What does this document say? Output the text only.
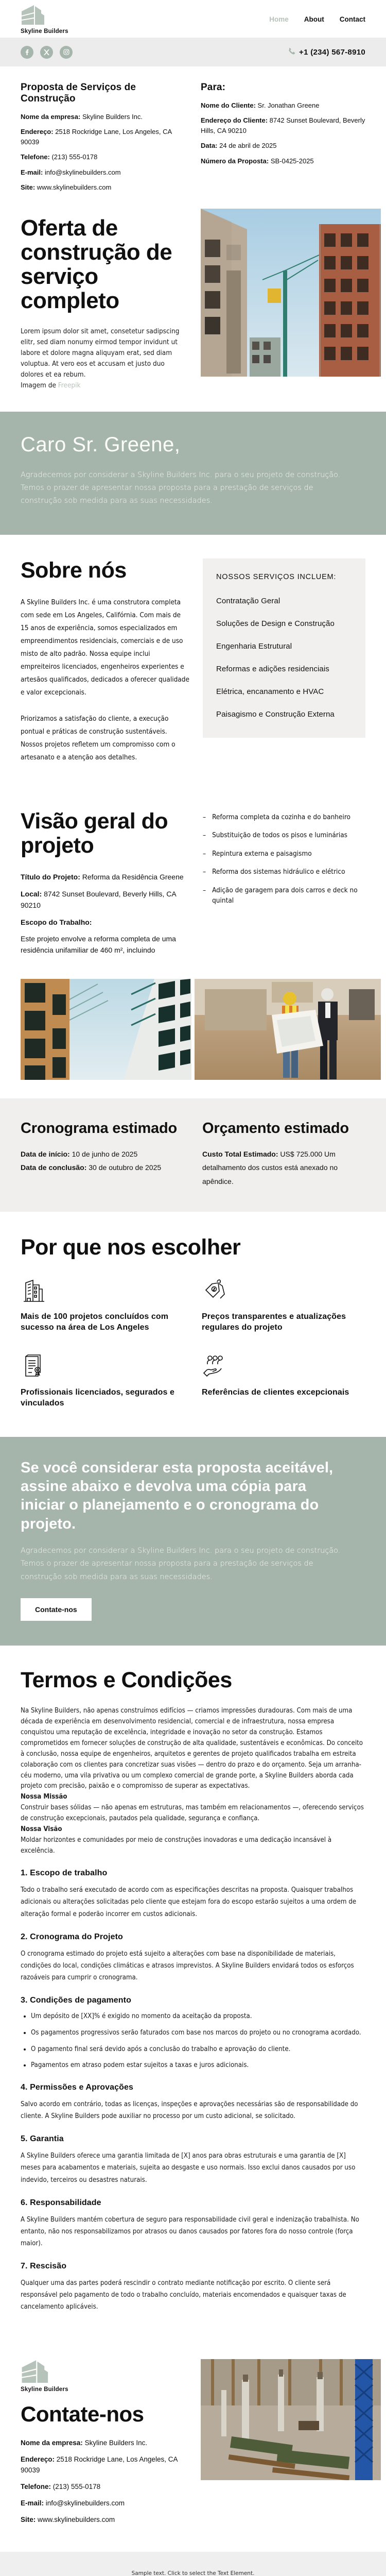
Skyline Builders
Home About Contact
+1 (234) 567-8910
Proposta de Serviços de Construção

Nome da empresa: Skyline Builders Inc.

Endereço: 2518 Rockridge Lane, Los Angeles, CA 90039

Telefone: (213) 555-0178

E-mail: info@skylinebuilders.com

Site: www.skylinebuilders.com

Para:

Nome do Cliente: Sr. Jonathan Greene

Endereço do Cliente: 8742 Sunset Boulevard, Beverly Hills, CA 90210

Data: 24 de abril de 2025

Número da Proposta: SB-0425-2025

Oferta de construção de serviço completo

Lorem ipsum dolor sit amet, consetetur sadipscing elitr, sed diam nonumy eirmod tempor invidunt ut labore et dolore magna aliquyam erat, sed diam voluptua. At vero eos et accusam et justo duo dolores et ea rebum.

Imagem de Freepik

Caro Sr. Greene,

Agradecemos por considerar a Skyline Builders Inc. para o seu projeto de construção. Temos o prazer de apresentar nossa proposta para a prestação de serviços de construção sob medida para as suas necessidades.

Sobre nós

A Skyline Builders Inc. é uma construtora completa com sede em Los Angeles, Califórnia. Com mais de 15 anos de experiência, somos especializados em empreendimentos residenciais, comerciais e de uso misto de alto padrão. Nossa equipe inclui empreiteiros licenciados, engenheiros experientes e artesãos qualificados, dedicados a oferecer qualidade e valor excepcionais.

Priorizamos a satisfação do cliente, a execução pontual e práticas de construção sustentáveis. Nossos projetos refletem um compromisso com o artesanato e a atenção aos detalhes.

NOSSOS SERVIÇOS INCLUEM:
Contratação Geral
Soluções de Design e Construção
Engenharia Estrutural
Reformas e adições residenciais
Elétrica, encanamento e HVAC
Paisagismo e Construção Externa
Visão geral do projeto

Título do Projeto: Reforma da Residência Greene

Local: 8742 Sunset Boulevard, Beverly Hills, CA 90210

Escopo do Trabalho:

Este projeto envolve a reforma completa de uma residência unifamiliar de 460 m², incluindo

– Reforma completa da cozinha e do banheiro
– Substituição de todos os pisos e luminárias
– Repintura externa e paisagismo
– Reforma dos sistemas hidráulico e elétrico
– Adição de garagem para dois carros e deck no quintal
Cronograma estimado

Data de início: 10 de junho de 2025

Data de conclusão: 30 de outubro de 2025

Orçamento estimado

Custo Total Estimado: US$ 725.000 Um detalhamento dos custos está anexado no apêndice.

Por que nos escolher

Mais de 100 projetos concluídos com sucesso na área de Los Angeles

Preços transparentes e atualizações regulares do projeto

Profissionais licenciados, segurados e vinculados

Referências de clientes excepcionais

Se você considerar esta proposta aceitável, assine abaixo e devolva uma cópia para iniciar o planejamento e o cronograma do projeto.

Agradecemos por considerar a Skyline Builders Inc. para o seu projeto de construção. Temos o prazer de apresentar nossa proposta para a prestação de serviços de construção sob medida para as suas necessidades.

Contate-nos
Termos e Condições

Na Skyline Builders, não apenas construímos edifícios — criamos impressões duradouras. Com mais de uma década de experiência em desenvolvimento residencial, comercial e de infraestrutura, nossa empresa conquistou uma reputação de excelência, integridade e inovação no setor da construção. Estamos comprometidos em fornecer soluções de construção de alta qualidade, sustentáveis e econômicas. Do conceito à conclusão, nossa equipe de engenheiros, arquitetos e gerentes de projeto qualificados trabalha em estreita colaboração com os clientes para concretizar suas visões — dentro do prazo e do orçamento. Seja um arranha-céu moderno, uma vila privativa ou um complexo comercial de grande porte, a Skyline Builders aborda cada projeto com precisão, paixão e o compromisso de superar as expectativas.

Nossa Missão

Construir bases sólidas — não apenas em estruturas, mas também em relacionamentos —, oferecendo serviços de construção excepcionais, pautados pela qualidade, segurança e confiança.

Nossa Visão

Moldar horizontes e comunidades por meio de construções inovadoras e uma dedicação incansável à excelência.

1. Escopo de trabalho

Todo o trabalho será executado de acordo com as especificações descritas na proposta. Quaisquer trabalhos adicionais ou alterações solicitadas pelo cliente que estejam fora do escopo estarão sujeitos a uma ordem de alteração formal e poderão incorrer em custos adicionais.

2. Cronograma do Projeto

O cronograma estimado do projeto está sujeito a alterações com base na disponibilidade de materiais, condições do local, condições climáticas e atrasos imprevistos. A Skyline Builders envidará todos os esforços razoáveis para cumprir o cronograma.

3. Condições de pagamento
• Um depósito de [XX]% é exigido no momento da aceitação da proposta.
• Os pagamentos progressivos serão faturados com base nos marcos do projeto ou no cronograma acordado.
• O pagamento final será devido após a conclusão do trabalho e aprovação do cliente.
• Pagamentos em atraso podem estar sujeitos a taxas e juros adicionais.
4. Permissões e Aprovações

Salvo acordo em contrário, todas as licenças, inspeções e aprovações necessárias são de responsabilidade do cliente. A Skyline Builders pode auxiliar no processo por um custo adicional, se solicitado.

5. Garantia

A Skyline Builders oferece uma garantia limitada de [X] anos para obras estruturais e uma garantia de [X] meses para acabamentos e materiais, sujeita ao desgaste e uso normais. Isso exclui danos causados por uso indevido, terceiros ou desastres naturais.

6. Responsabilidade

A Skyline Builders mantém cobertura de seguro para responsabilidade civil geral e indenização trabalhista. No entanto, não nos responsabilizamos por atrasos ou danos causados por fatores fora do nosso controle (força maior).

7. Rescisão

Qualquer uma das partes poderá rescindir o contrato mediante notificação por escrito. O cliente será responsável pelo pagamento de todo o trabalho concluído, materiais encomendados e quaisquer taxas de cancelamento aplicáveis.

Skyline Builders
Contate-nos

Nome da empresa: Skyline Builders Inc.

Endereço: 2518 Rockridge Lane, Los Angeles, CA 90039

Telefone: (213) 555-0178

E-mail: info@skylinebuilders.com

Site: www.skylinebuilders.com

Sample text. Click to select the Text Element.
